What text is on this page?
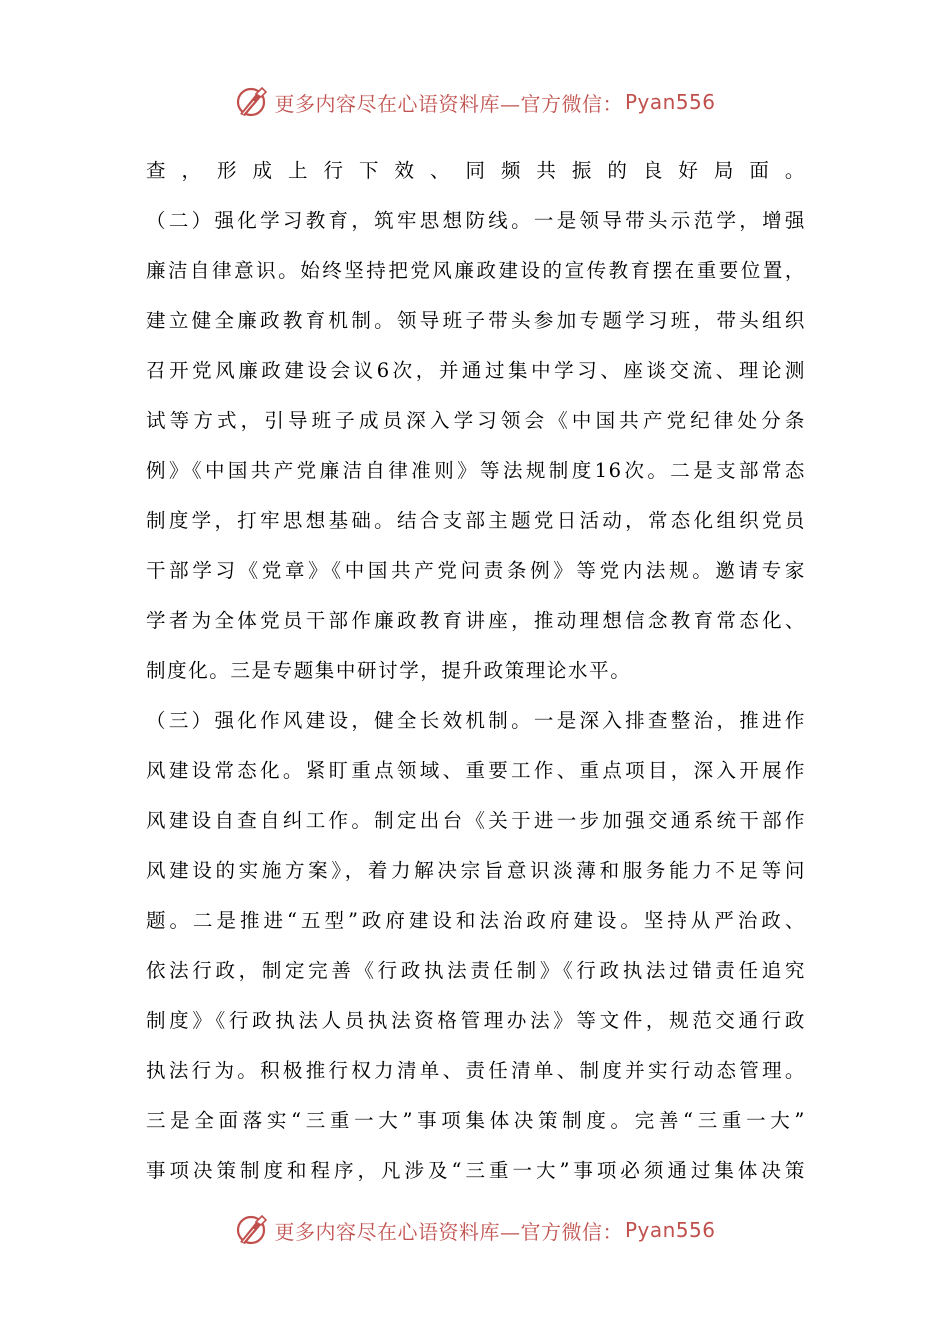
更多内容尽在心语资料库—官方微信： Pyan556
查，形成上行下效、同频共振的良好局面。
（二）强化学习教育，筑牢思想防线。一是领导带头示范学，增强
廉洁自律意识。始终坚持把党风廉政建设的宣传教育摆在重要位置，
建立健全廉政教育机制。领导班子带头参加专题学习班，带头组织
召开党风廉政建设会议6次，并通过集中学习、座谈交流、理论测
试等方式，引导班子成员深入学习领会《中国共产党纪律处分条
例》《中国共产党廉洁自律准则》等法规制度16次。二是支部常态
制度学，打牢思想基础。结合支部主题党日活动，常态化组织党员
干部学习《党章》《中国共产党问责条例》等党内法规。邀请专家
学者为全体党员干部作廉政教育讲座，推动理想信念教育常态化、
制度化。三是专题集中研讨学，提升政策理论水平。
（三）强化作风建设，健全长效机制。一是深入排查整治，推进作
风建设常态化。紧盯重点领域、重要工作、重点项目，深入开展作
风建设自查自纠工作。制定出台《关于进一步加强交通系统干部作
风建设的实施方案》，着力解决宗旨意识淡薄和服务能力不足等问
题。二是推进“五型”政府建设和法治政府建设。坚持从严治政、
依法行政，制定完善《行政执法责任制》《行政执法过错责任追究
制度》《行政执法人员执法资格管理办法》等文件，规范交通行政
执法行为。积极推行权力清单、责任清单、制度并实行动态管理。
三是全面落实“三重一大”事项集体决策制度。完善“三重一大”
事项决策制度和程序，凡涉及“三重一大”事项必须通过集体决策
更多内容尽在心语资料库—官方微信： Pyan556
